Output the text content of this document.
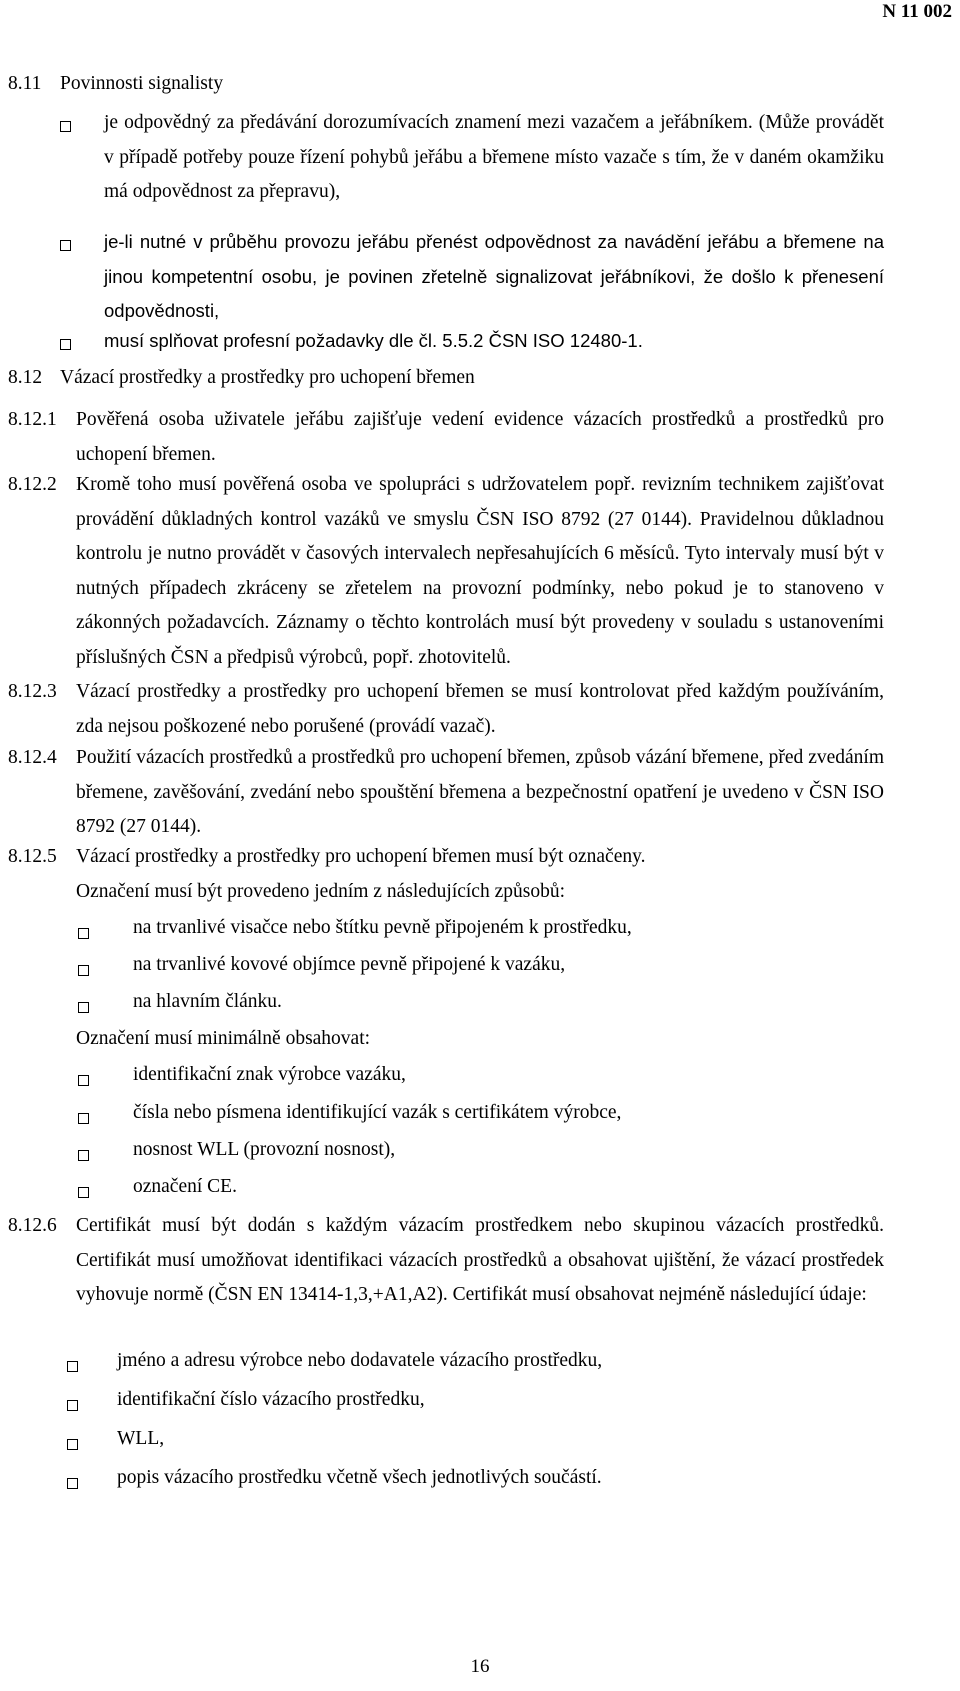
N 11 002
8.11 Povinnosti signalisty
je odpovědný za předávání dorozumívacích znamení mezi vazačem a jeřábníkem. (Může provádět v případě potřeby pouze řízení pohybů jeřábu a břemene místo vazače s tím, že v daném okamžiku má odpovědnost za přepravu),
je-li nutné v průběhu provozu jeřábu přenést odpovědnost za navádění jeřábu a břemene na jinou kompetentní osobu, je povinen zřetelně signalizovat jeřábníkovi, že došlo k přenesení odpovědnosti,
musí splňovat profesní požadavky dle čl. 5.5.2 ČSN ISO 12480-1.
8.12 Vázací prostředky a prostředky pro uchopení břemen
8.12.1 Pověřená osoba uživatele jeřábu zajišťuje vedení evidence vázacích prostředků a prostředků pro uchopení břemen.
8.12.2 Kromě toho musí pověřená osoba ve spolupráci s udržovatelem popř. revizním technikem zajišťovat provádění důkladných kontrol vazáků ve smyslu ČSN ISO 8792 (27 0144). Pravidelnou důkladnou kontrolu je nutno provádět v časových intervalech nepřesahujících 6 měsíců. Tyto intervaly musí být v nutných případech zkráceny se zřetelem na provozní podmínky, nebo pokud je to stanoveno v zákonných požadavcích. Záznamy o těchto kontrolách musí být provedeny v souladu s ustanoveními příslušných ČSN a předpisů výrobců, popř. zhotovitelů.
8.12.3 Vázací prostředky a prostředky pro uchopení břemen se musí kontrolovat před každým používáním, zda nejsou poškozené nebo porušené (provádí vazač).
8.12.4 Použití vázacích prostředků a prostředků pro uchopení břemen, způsob vázání břemene, před zvedáním břemene, zavěšování, zvedání nebo spouštění břemena a bezpečnostní opatření je uvedeno v ČSN ISO 8792 (27 0144).
8.12.5 Vázací prostředky a prostředky pro uchopení břemen musí být označeny.
Označení musí být provedeno jedním z následujících způsobů:
na trvanlivé visačce nebo štítku pevně připojeném k prostředku,
na trvanlivé kovové objímce pevně připojené k vazáku,
na hlavním článku.
Označení musí minimálně obsahovat:
identifikační znak výrobce vazáku,
čísla nebo písmena identifikující vazák s certifikátem výrobce,
nosnost WLL (provozní nosnost),
označení CE.
8.12.6 Certifikát musí být dodán s každým vázacím prostředkem nebo skupinou vázacích prostředků. Certifikát musí umožňovat identifikaci vázacích prostředků a obsahovat ujištění, že vázací prostředek vyhovuje normě (ČSN EN 13414-1,3,+A1,A2). Certifikát musí obsahovat nejméně následující údaje:
jméno a adresu výrobce nebo dodavatele vázacího prostředku,
identifikační číslo vázacího prostředku,
WLL,
popis vázacího prostředku včetně všech jednotlivých součástí.
16
